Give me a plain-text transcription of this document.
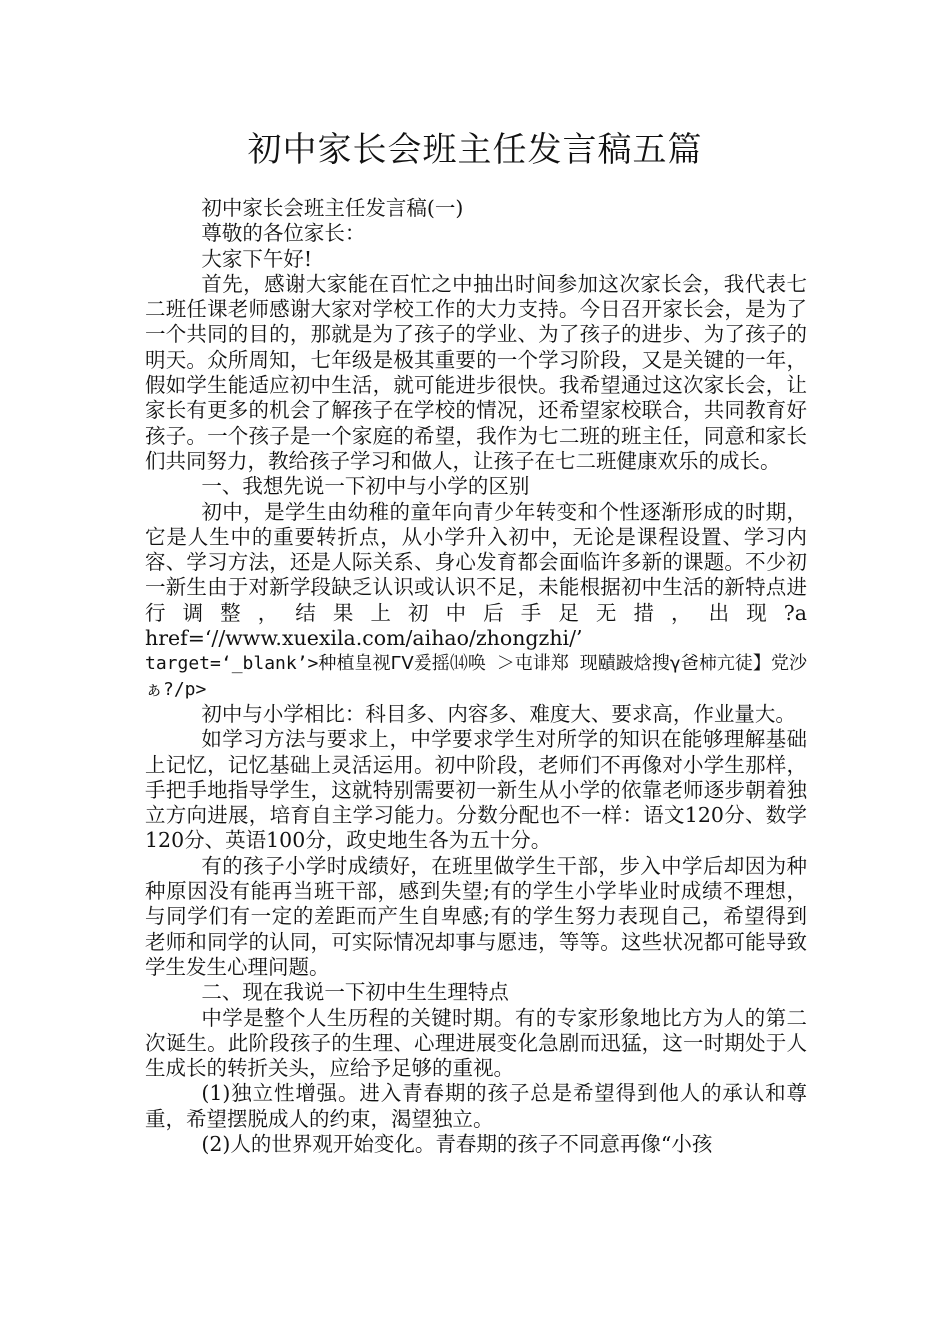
初中家长会班主任发言稿五篇

初中家长会班主任发言稿(一)

尊敬的各位家长：

大家下午好!

首先，感谢大家能在百忙之中抽出时间参加这次家长会，我代表七二班任课老师感谢大家对学校工作的大力支持。今日召开家长会，是为了一个共同的目的，那就是为了孩子的学业、为了孩子的进步、为了孩子的明天。众所周知，七年级是极其重要的一个学习阶段，又是关键的一年，假如学生能适应初中生活，就可能进步很快。我希望通过这次家长会，让家长有更多的机会了解孩子在学校的情况，还希望家校联合，共同教育好孩子。一个孩子是一个家庭的希望，我作为七二班的班主任，同意和家长们共同努力，教给孩子学习和做人，让孩子在七二班健康欢乐的成长。

一、我想先说一下初中与小学的区别

初中，是学生由幼稚的童年向青少年转变和个性逐渐形成的时期，它是人生中的重要转折点，从小学升入初中，无论是课程设置、学习内容、学习方法，还是人际关系、身心发育都会面临许多新的课题。不少初一新生由于对新学段缺乏认识或认识不足，未能根据初中生活的新特点进行调整，结果上初中后手足无措，出现?a href=‘//www.xuexila.com/aihao/zhongzhi/’

target=‘_blank’>种植皇视ΓⅤ爰摇⒁唤 ＞屯诽郑 现賾跛焓搜γ爸柿亢徒】党沙ぁ?/p>

初中与小学相比：科目多、内容多、难度大、要求高，作业量大。

如学习方法与要求上，中学要求学生对所学的知识在能够理解基础上记忆，记忆基础上灵活运用。初中阶段，老师们不再像对小学生那样，手把手地指导学生，这就特别需要初一新生从小学的依靠老师逐步朝着独立方向进展，培育自主学习能力。分数分配也不一样：语文120分、数学120分、英语100分，政史地生各为五十分。

有的孩子小学时成绩好，在班里做学生干部，步入中学后却因为种种原因没有能再当班干部，感到失望;有的学生小学毕业时成绩不理想，与同学们有一定的差距而产生自卑感;有的学生努力表现自己，希望得到老师和同学的认同，可实际情况却事与愿违，等等。这些状况都可能导致学生发生心理问题。

二、现在我说一下初中生生理特点

中学是整个人生历程的关键时期。有的专家形象地比方为人的第二次诞生。此阶段孩子的生理、心理进展变化急剧而迅猛，这一时期处于人生成长的转折关头，应给予足够的重视。

(1)独立性增强。进入青春期的孩子总是希望得到他人的承认和尊重，希望摆脱成人的约束，渴望独立。

(2)人的世界观开始变化。青春期的孩子不同意再像“小孩
